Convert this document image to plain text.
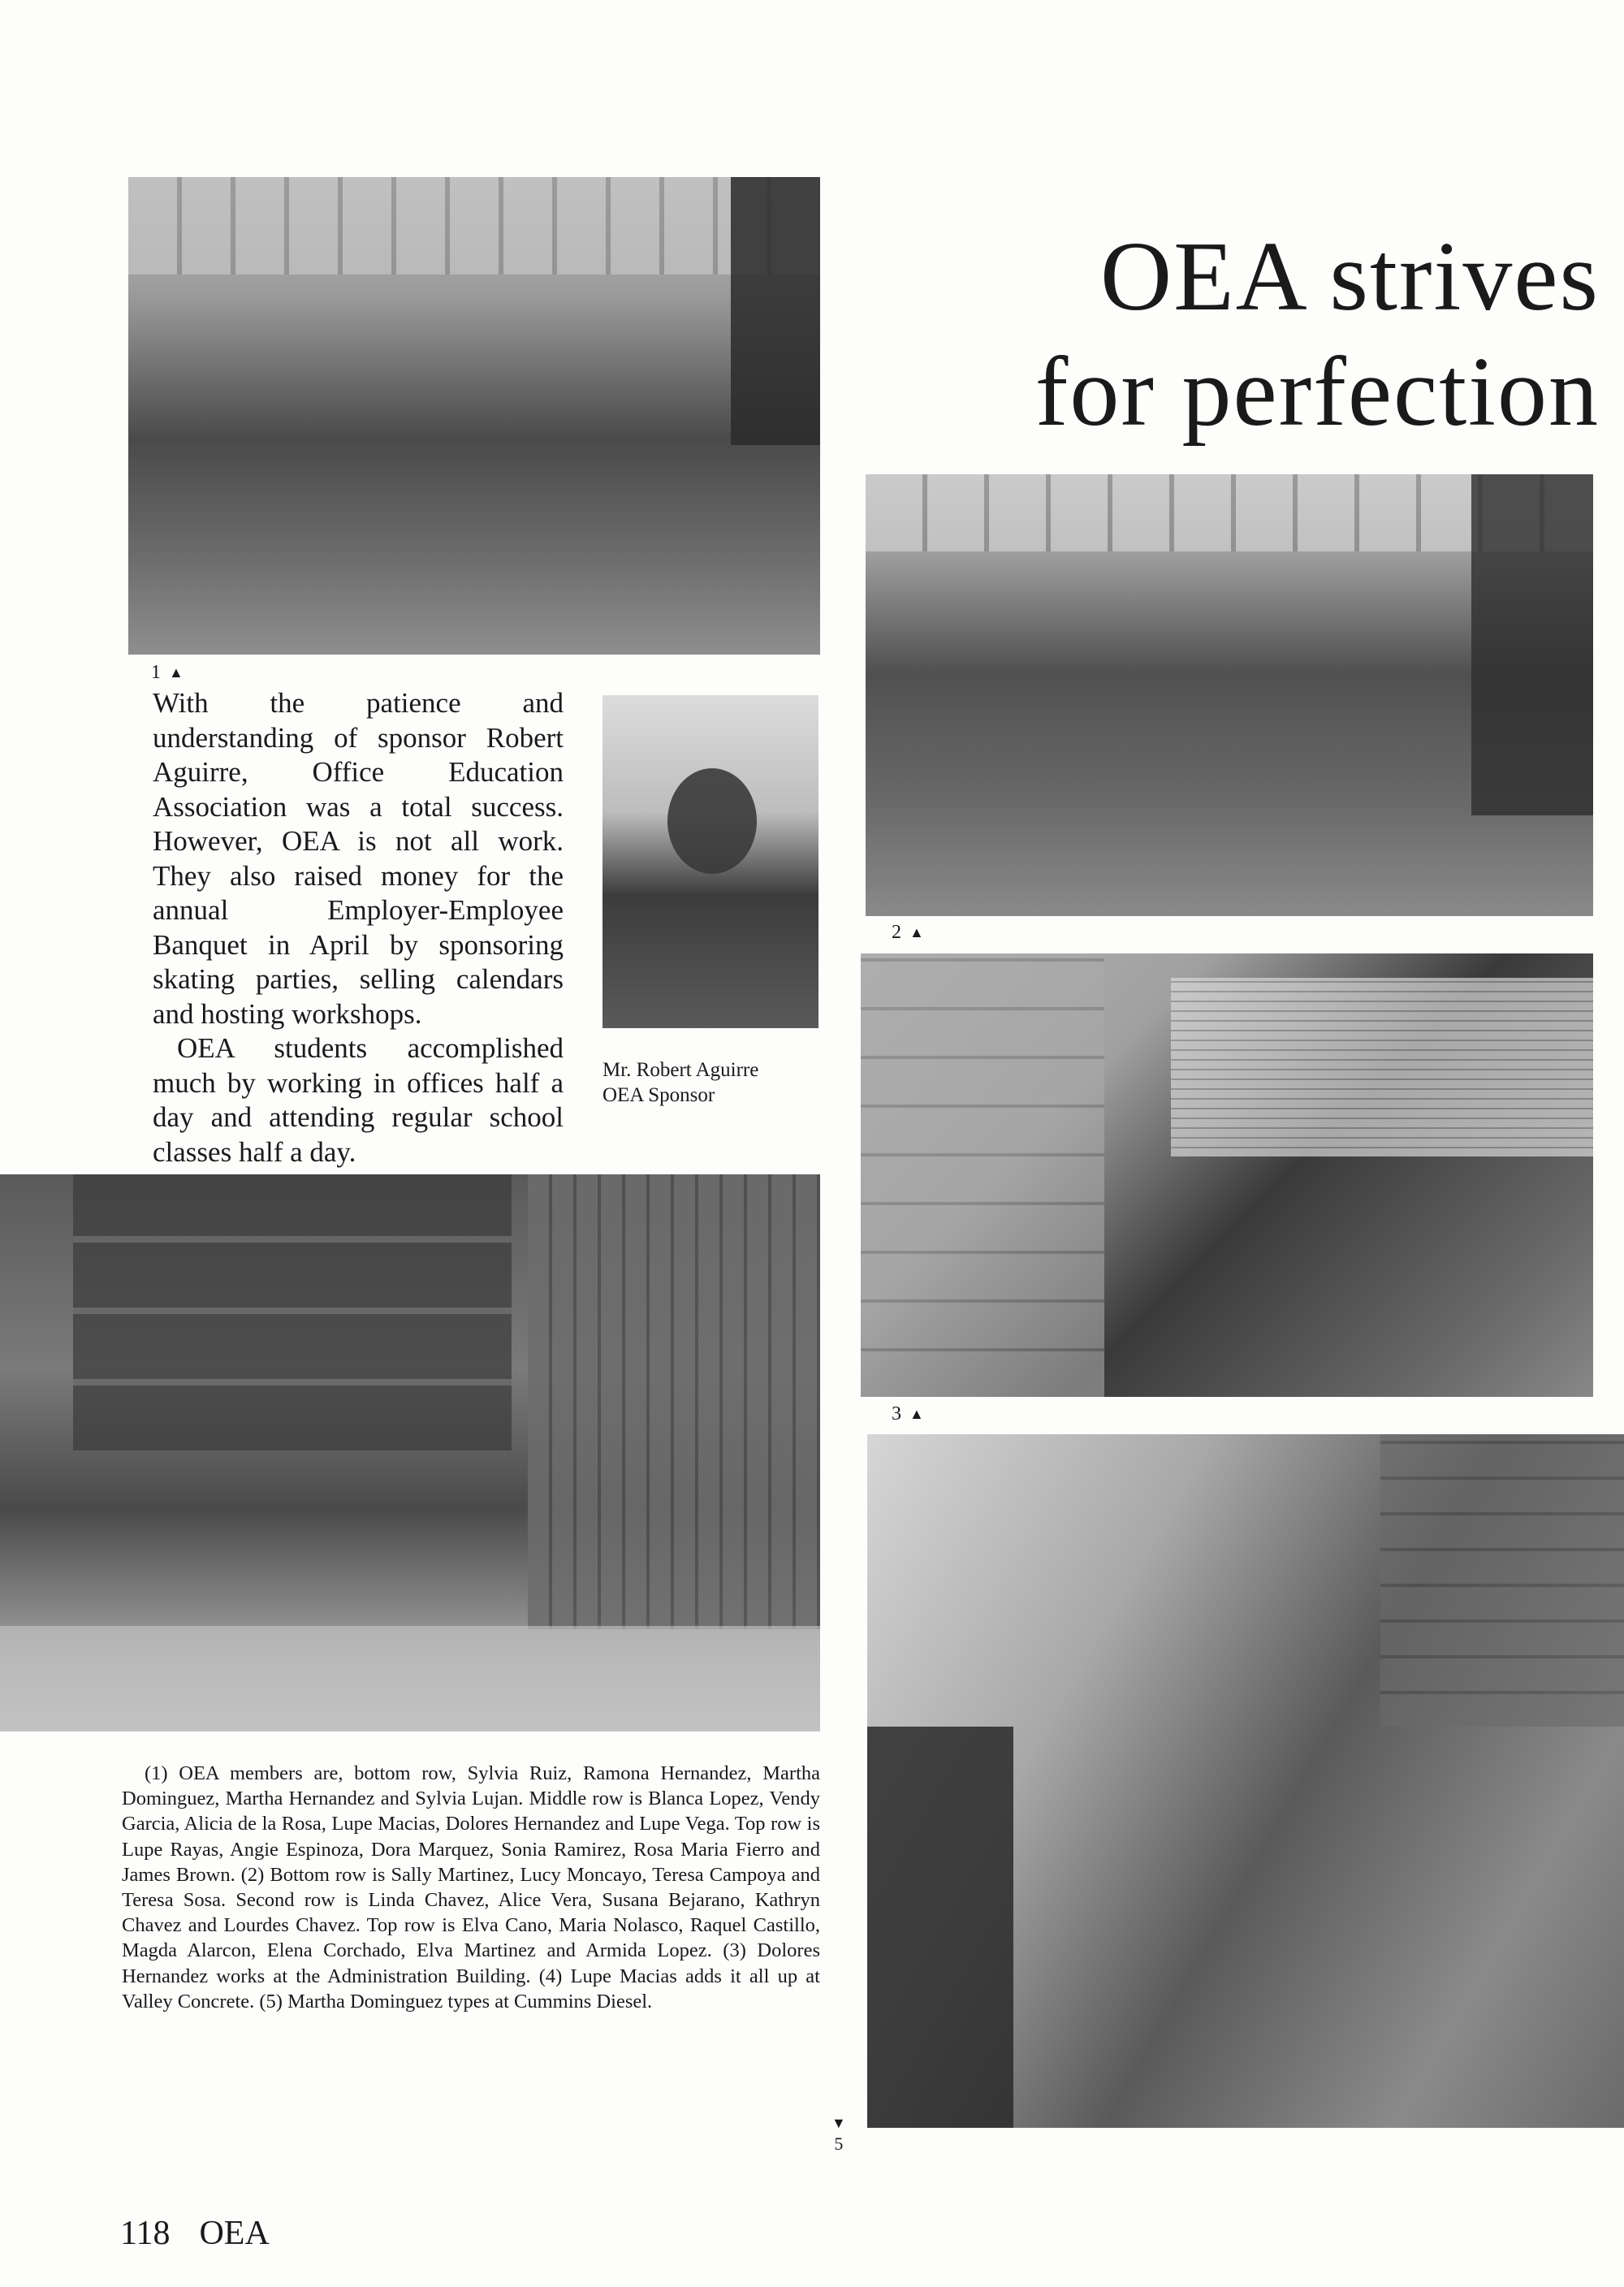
1 ▲
OEA strives
for perfection
2 ▲

With the patience and understanding of sponsor Robert Aguirre, Office Education Association was a total success. However, OEA is not all work. They also raised money for the annual Employer-Employee Banquet in April by sponsoring skating parties, selling calendars and hosting workshops.

OEA students accomplished much by working in offices half a day and attending regular school classes half a day.

Mr. Robert Aguirre
OEA Sponsor
3 ▲
▼
5

(1) OEA members are, bottom row, Sylvia Ruiz, Ramona Hernandez, Martha Dominguez, Martha Hernandez and Sylvia Lujan. Middle row is Blanca Lopez, Vendy Garcia, Alicia de la Rosa, Lupe Macias, Dolores Hernandez and Lupe Vega. Top row is Lupe Rayas, Angie Espinoza, Dora Marquez, Sonia Ramirez, Rosa Maria Fierro and James Brown. (2) Bottom row is Sally Martinez, Lucy Moncayo, Teresa Campoya and Teresa Sosa. Second row is Linda Chavez, Alice Vera, Susana Bejarano, Kathryn Chavez and Lourdes Chavez. Top row is Elva Cano, Maria Nolasco, Raquel Castillo, Magda Alarcon, Elena Corchado, Elva Martinez and Armida Lopez. (3) Dolores Hernandez works at the Administration Building. (4) Lupe Macias adds it all up at Valley Concrete. (5) Martha Dominguez types at Cummins Diesel.

118 OEA
